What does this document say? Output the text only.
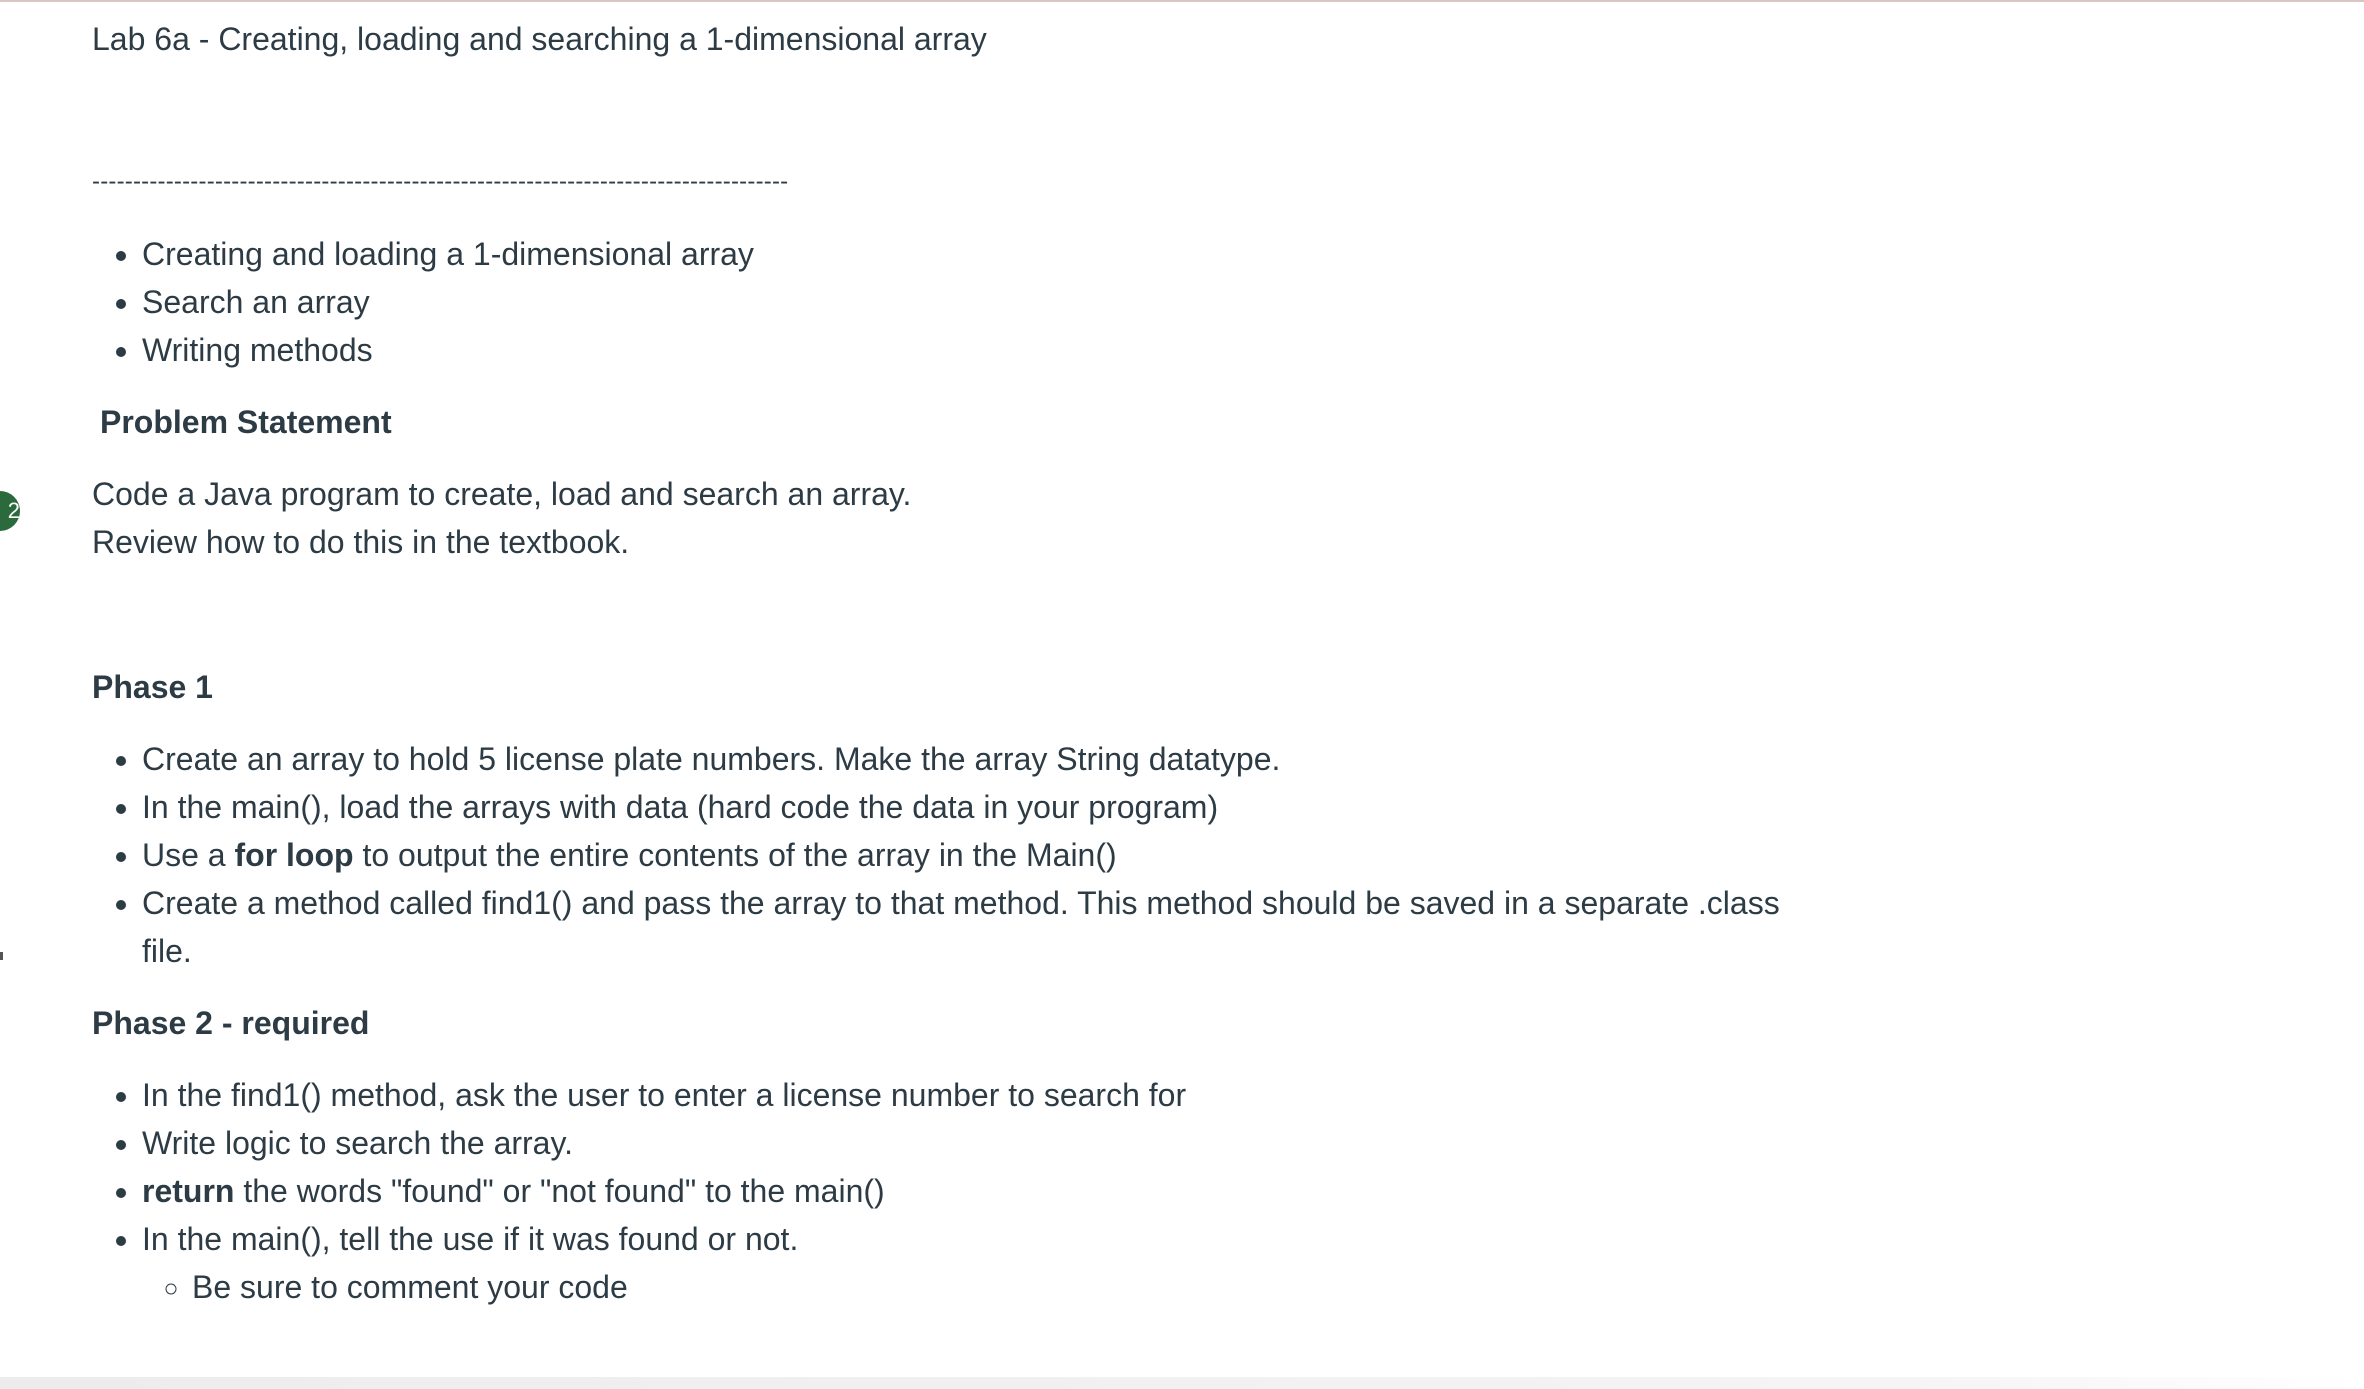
2
Lab 6a - Creating, loading and searching a 1-dimensional array

-------------------------------------------------------------------------------------

• Creating and loading a 1-dimensional array
• Search an array
• Writing methods
Problem Statement

Code a Java program to create, load and search an array.

Review how to do this in the textbook.

Phase 1
• Create an array to hold 5 license plate numbers. Make the array String datatype.
• In the main(), load the arrays with data (hard code the data in your program)
• Use a for loop to output the entire contents of the array in the Main()
• Create a method called find1() and pass the array to that method. This method should be saved in a separate .class file.
Phase 2 - required
• In the find1() method, ask the user to enter a license number to search for
• Write logic to search the array.
• return the words "found" or "not found" to the main()
• In the main(), tell the use if it was found or not.
◦ Be sure to comment your code
